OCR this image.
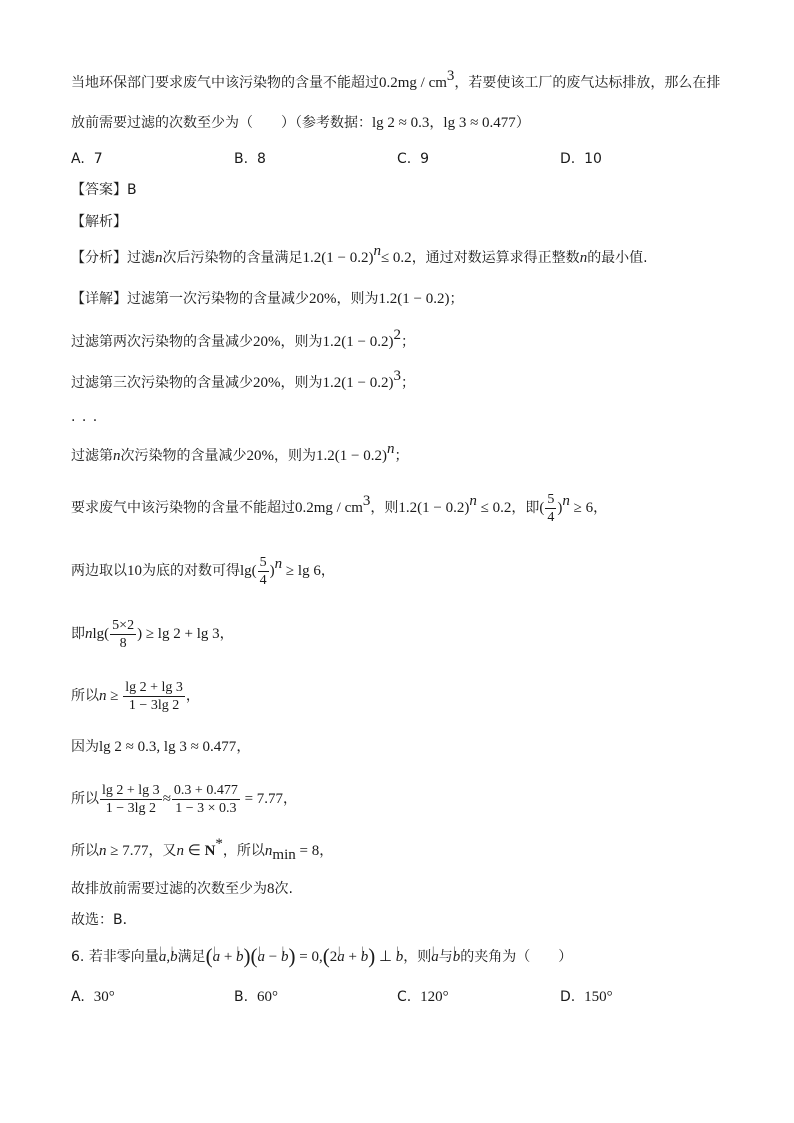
当地环保部门要求废气中该污染物的含量不能超过$0.2mg / cm^3$，若要使该工厂的废气达标排放，那么在排
放前需要过滤的次数至少为（　　）（参考数据：lg 2 ≈ 0.3，lg 3 ≈ 0.477）
A. 7	B. 8	C. 9	D. 10
【答案】B
【解析】
【分析】过滤n次后污染物的含量满足$1.2(1 - 0.2)^n\le 0.2$，通过对数运算求得正整数n的最小值.
【详解】过滤第一次污染物的含量减少20%，则为1.2(1 − 0.2)；
过滤第两次污染物的含量减少20%，则为$1.2(1 - 0.2)^2$；
过滤第三次污染物的含量减少20%，则为$1.2(1 - 0.2)^3$；
· · ·
过滤第n次污染物的含量减少20%，则为$1.2(1 - 0.2)^n$；
要求废气中该污染物的含量不能超过$0.2mg / cm^3$，则$1.2(1 - 0.2)^n \le 0.2$，即( $\frac{5}{4} )^n \ge 6$，
两边取以10为底的对数可得$\lg( \frac{5}{4} )^n \ge \lg 6$，
即$nlg( \frac{5\times 2}{8}$ ) ≥ lg 2 + lg 3，
所以$n \ge \frac{\lg 2 + \lg 3}{1 - 3\lg 2}$ ，
因为lg 2 ≈ 0.3, lg 3 ≈ 0.477，
所以 $\frac{\lg 2 + \lg 3}{1 - 3\lg 2} \approx \frac{0.3 + 0.477}{1 - 3 \times 0.3} = 7.77$，
所以n ≥ 7.77，又n ∈ N*，所以$n_{min} = 8$，
故排放前需要过滤的次数至少为8次.
故选：B．
6. 若非零向量| a,| b满足(| a + | b)(| a − | b) = 0,(2| a + | b) ⊥ | b，则| a与| b的夹角为（　　）
A. 30°	B. 60°	C. 120°	D. 150°
